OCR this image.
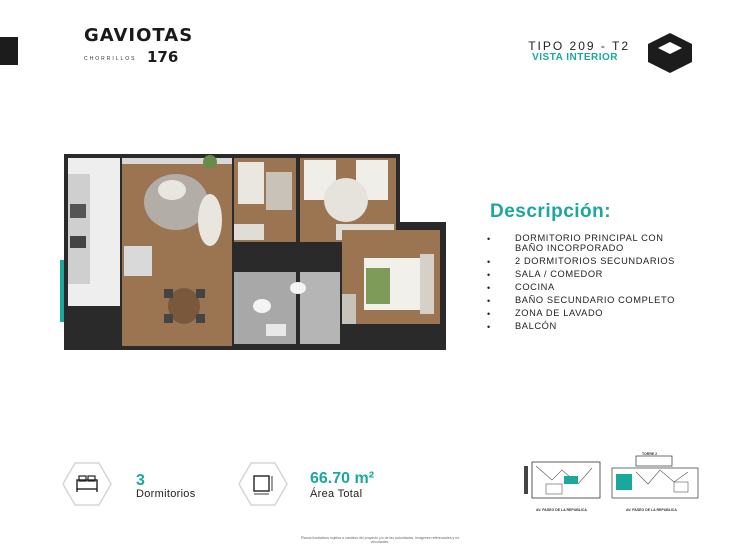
GAVIOTAS
CHORRILLOS 176
TIPO 209 - T2
VISTA INTERIOR
Descripción:
• DORMITORIO PRINCIPAL CON BAÑO INCORPORADO
• 2 DORMITORIOS SECUNDARIOS
• SALA / COMEDOR
• COCINA
• BAÑO SECUNDARIO COMPLETO
• ZONA DE LAVADO
• BALCÓN
3
Dormitorios
66.70 m²
Área Total
AV. PASEO DE LA REPUBLICA
TORRE 2
AV. PASEO DE LA REPUBLICA
Planos ilustrativos sujetos a cambios del proyecto y/o de las autoridades. Imágenes referenciales y no vinculantes.
